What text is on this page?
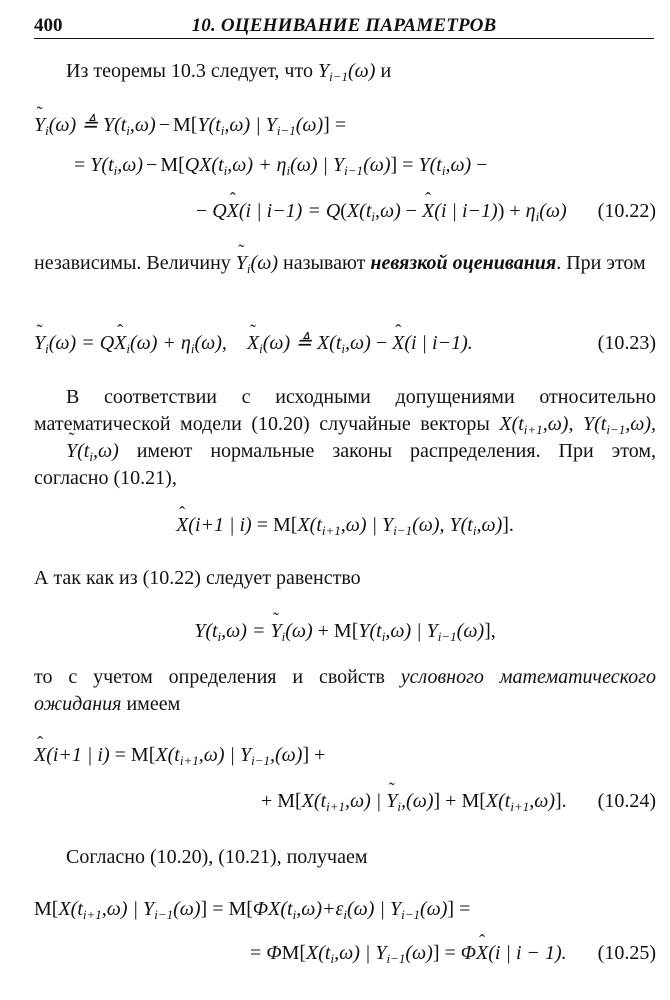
400	10. ОЦЕНИВАНИЕ ПАРАМЕТРОВ
Из теоремы 10.3 следует, что $Y_{i-1}(\omega)$ и
˜ $Y_i(\omega)$ ≜ $Y(t_i,\omega) - M[Y(t_i,\omega)$ | $Y_{i-1}(\omega)$] =
= $Y(t_i,\omega) - M[QX(t_i,\omega) + \eta_i(\omega)$ | $Y_{i-1}(\omega)] = Y(t_i,\omega)$ −
− Qˆ X(i | $i-1) = Q(X(t_i,\omega)$ − ˆ X(i | $i-1)) + \eta_i(\omega)$ (10.22)
независимы. Величину ˜ $Y_i(\omega)$ называют невязкой оценивания. При этом
˜ $Y_i(\omega)$ = Qˆ $X_i(\omega) + \eta_i(\omega)$, ˜ $X_i(\omega)$ ≜ $X(t_i,\omega)$ − ˆ X(i | i−1).	(10.23)
В соответствии с исходными допущениями относительно математической модели (10.20) случайные векторы $X(t_{i+1},\omega)$, $Y(t_{i-1},\omega)$, ˜ $Y(t_i,\omega)$ имеют нормальные законы распределения. При этом, согласно (10.21),
ˆ X(i+1 | $i) = M[X(t_{i+1},\omega)$ | $Y_{i-1}(\omega)$, $Y(t_i,\omega)$].
А так как из (10.22) следует равенство
$Y(t_i,\omega)$ = ˜ $Y_i(\omega) + M[Y(t_i,\omega)$ | $Y_{i-1}(\omega)$],
то с учетом определения и свойств условного математического ожидания имеем
ˆ X(i+1 | $i) = M[X(t_{i+1},\omega)$ | $Y_{i-1},(\omega)$] +
+ $M[X(t_{i+1},\omega)$ | ˜ $Y_i,(\omega)] + M[X(t_{i+1},\omega)]$. (10.24)
Согласно (10.20), (10.21), получаем
$M[X(t_{i+1},\omega)$ | $Y_{i-1}(\omega)] = M[\Phi X(t_i,\omega)+\varepsilon_i(\omega)$ | $Y_{i-1}(\omega)$] =
= $\Phi M[X(t_i,\omega)$ | $Y_{i-1}(\omega)$] = Φˆ X(i | i − 1). (10.25)
